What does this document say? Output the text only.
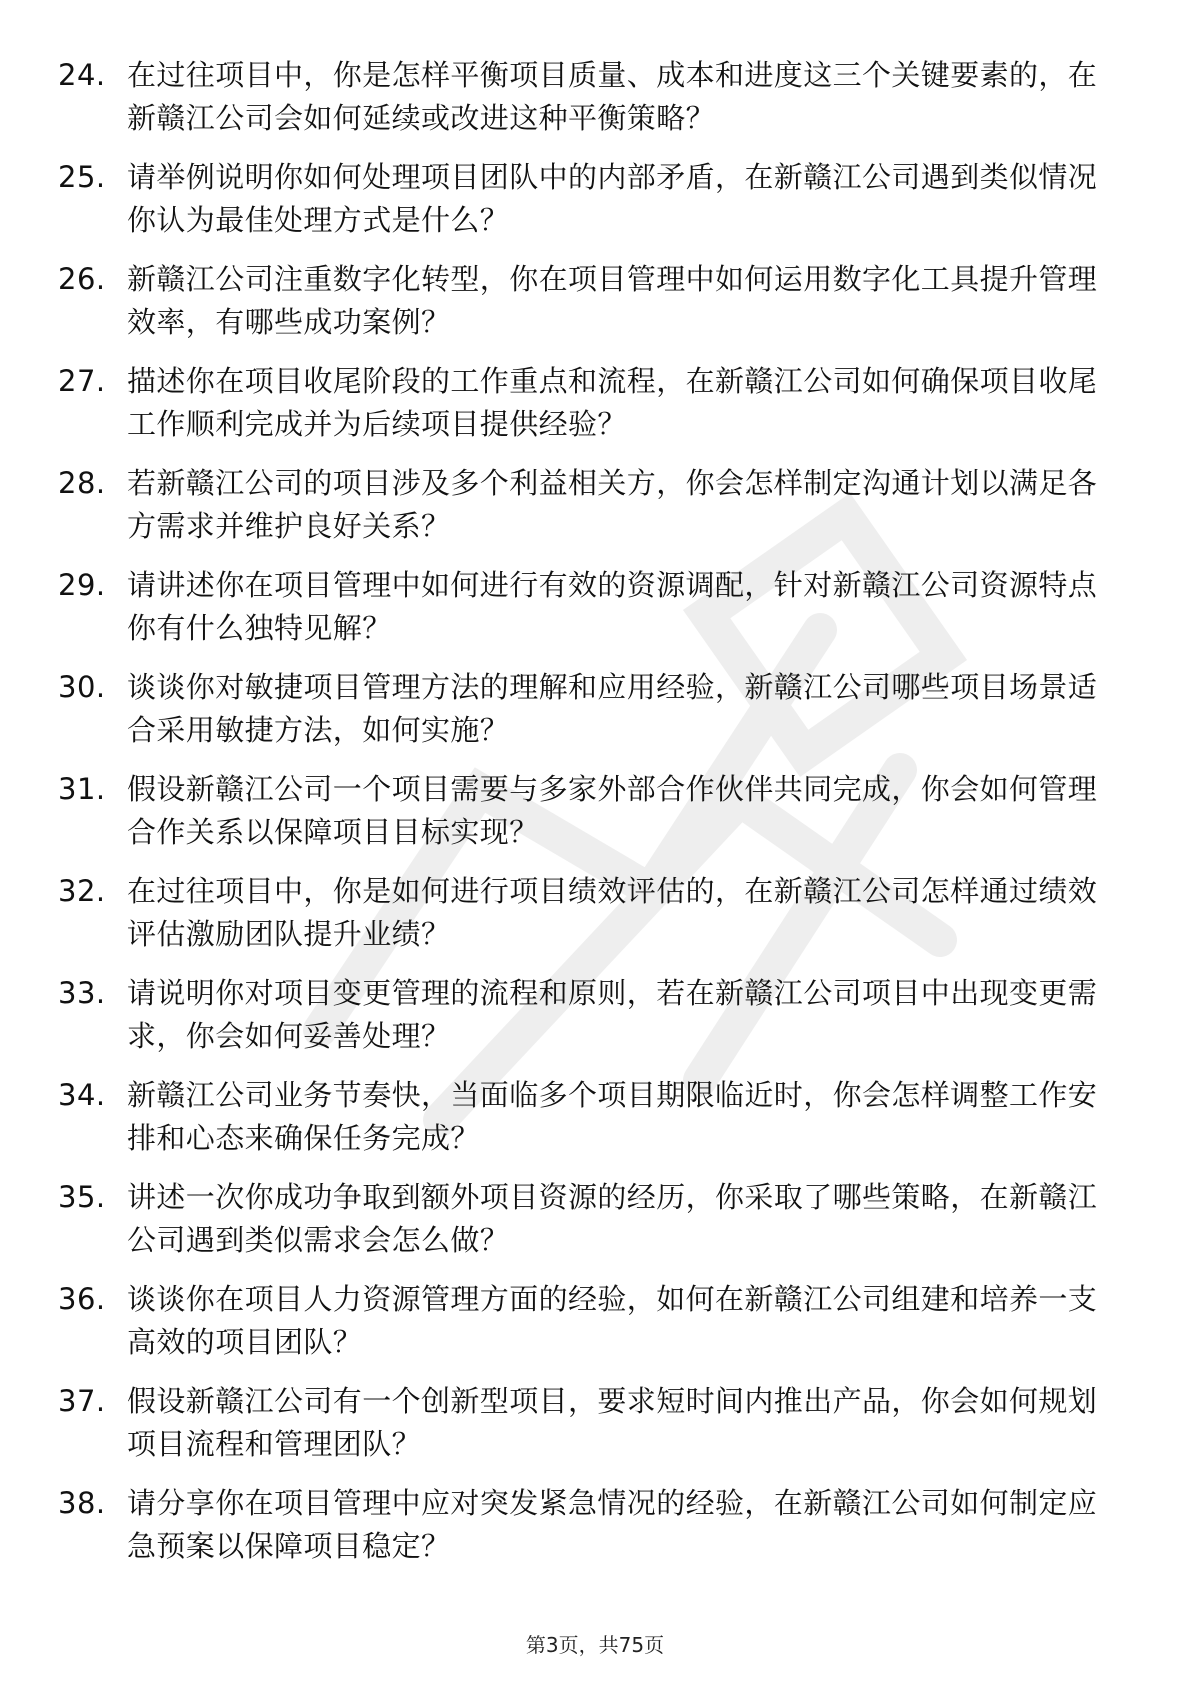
24. 在过往项目中，你是怎样平衡项目质量、成本和进度这三个关键要素的，在新赣江公司会如何延续或改进这种平衡策略？
25. 请举例说明你如何处理项目团队中的内部矛盾，在新赣江公司遇到类似情况你认为最佳处理方式是什么？
26. 新赣江公司注重数字化转型，你在项目管理中如何运用数字化工具提升管理效率，有哪些成功案例？
27. 描述你在项目收尾阶段的工作重点和流程，在新赣江公司如何确保项目收尾工作顺利完成并为后续项目提供经验？
28. 若新赣江公司的项目涉及多个利益相关方，你会怎样制定沟通计划以满足各方需求并维护良好关系？
29. 请讲述你在项目管理中如何进行有效的资源调配，针对新赣江公司资源特点你有什么独特见解？
30. 谈谈你对敏捷项目管理方法的理解和应用经验，新赣江公司哪些项目场景适合采用敏捷方法，如何实施？
31. 假设新赣江公司一个项目需要与多家外部合作伙伴共同完成，你会如何管理合作关系以保障项目目标实现？
32. 在过往项目中，你是如何进行项目绩效评估的，在新赣江公司怎样通过绩效评估激励团队提升业绩？
33. 请说明你对项目变更管理的流程和原则，若在新赣江公司项目中出现变更需求，你会如何妥善处理？
34. 新赣江公司业务节奏快，当面临多个项目期限临近时，你会怎样调整工作安排和心态来确保任务完成？
35. 讲述一次你成功争取到额外项目资源的经历，你采取了哪些策略，在新赣江公司遇到类似需求会怎么做？
36. 谈谈你在项目人力资源管理方面的经验，如何在新赣江公司组建和培养一支高效的项目团队？
37. 假设新赣江公司有一个创新型项目，要求短时间内推出产品，你会如何规划项目流程和管理团队？
38. 请分享你在项目管理中应对突发紧急情况的经验，在新赣江公司如何制定应急预案以保障项目稳定？
第3页，共75页
